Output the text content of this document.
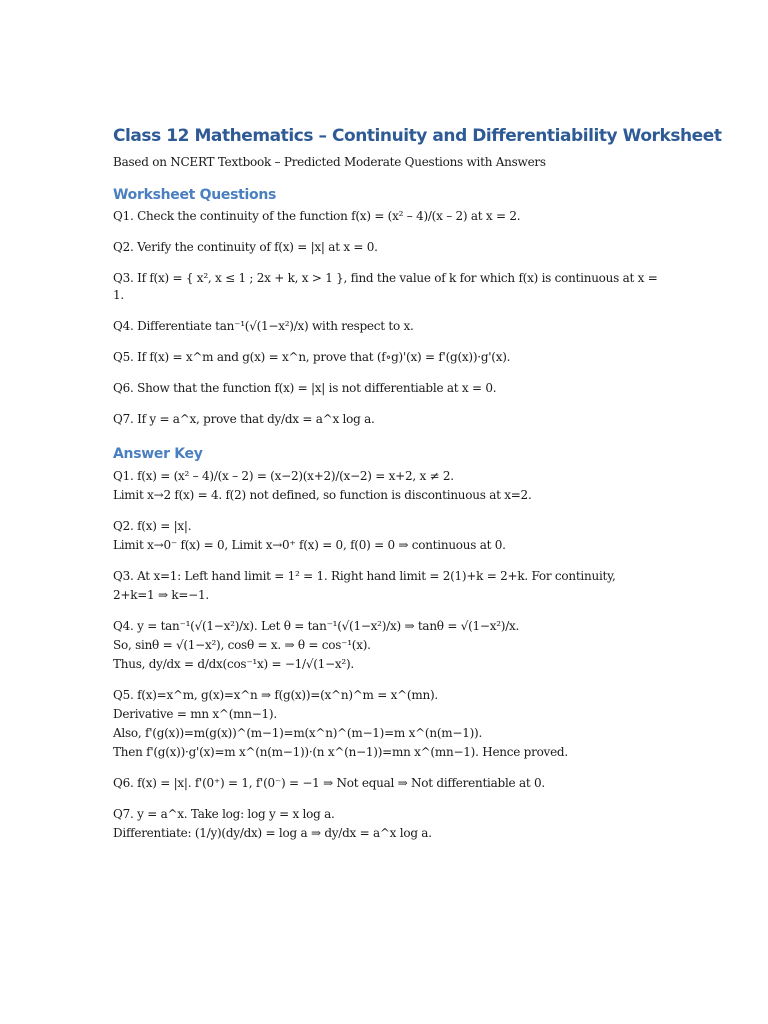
Class 12 Mathematics – Continuity and Differentiability Worksheet

Based on NCERT Textbook – Predicted Moderate Questions with Answers

Worksheet Questions

Q1. Check the continuity of the function f(x) = (x² – 4)/(x – 2) at x = 2.

Q2. Verify the continuity of f(x) = |x| at x = 0.

Q3. If f(x) = { x², x ≤ 1 ; 2x + k, x > 1 }, find the value of k for which f(x) is continuous at x = 1.

Q4. Differentiate tan⁻¹(√(1−x²)/x) with respect to x.

Q5. If f(x) = x^m and g(x) = x^n, prove that (f∘g)'(x) = f'(g(x))·g'(x).

Q6. Show that the function f(x) = |x| is not differentiable at x = 0.

Q7. If y = a^x, prove that dy/dx = a^x log a.

Answer Key
Q1. f(x) = (x² – 4)/(x – 2) = (x−2)(x+2)/(x−2) = x+2, x ≠ 2.
Limit x→2 f(x) = 4. f(2) not defined, so function is discontinuous at x=2.
Q2. f(x) = |x|.
Limit x→0⁻ f(x) = 0, Limit x→0⁺ f(x) = 0, f(0) = 0 ⇒ continuous at 0.
Q3. At x=1: Left hand limit = 1² = 1. Right hand limit = 2(1)+k = 2+k. For continuity, 2+k=1 ⇒ k=−1.
Q4. y = tan⁻¹(√(1−x²)/x). Let θ = tan⁻¹(√(1−x²)/x) ⇒ tanθ = √(1−x²)/x.
So, sinθ = √(1−x²), cosθ = x. ⇒ θ = cos⁻¹(x).
Thus, dy/dx = d/dx(cos⁻¹x) = −1/√(1−x²).
Q5. f(x)=x^m, g(x)=x^n ⇒ f(g(x))=(x^n)^m = x^(mn).
Derivative = mn x^(mn−1).
Also, f'(g(x))=m(g(x))^(m−1)=m(x^n)^(m−1)=m x^(n(m−1)).
Then f'(g(x))·g'(x)=m x^(n(m−1))·(n x^(n−1))=mn x^(mn−1). Hence proved.
Q6. f(x) = |x|. f'(0⁺) = 1, f'(0⁻) = −1 ⇒ Not equal ⇒ Not differentiable at 0.
Q7. y = a^x. Take log: log y = x log a.
Differentiate: (1/y)(dy/dx) = log a ⇒ dy/dx = a^x log a.
